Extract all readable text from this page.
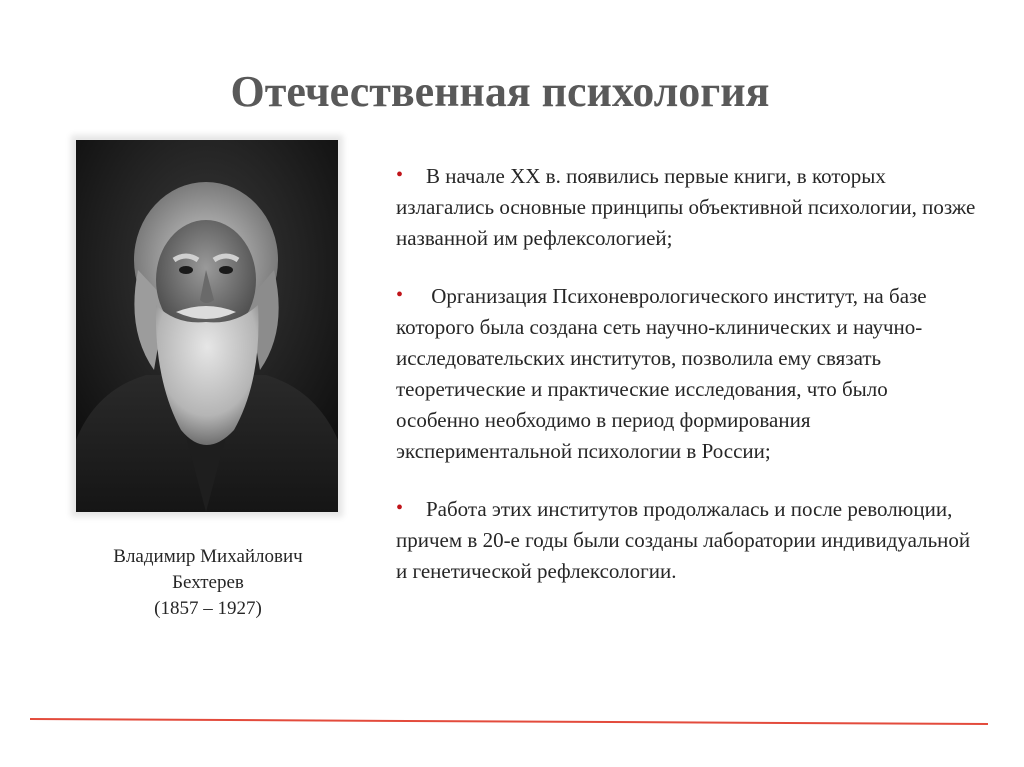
Отечественная психология
Владимир Михайлович
Бехтерев
(1857 – 1927)
• В начале XX в. появились первые книги, в которых излагались основные принципы объективной психологии, позже названной им рефлексологией;
• Организация Психоневрологического институт, на базе которого была создана сеть научно-клинических и научно-исследовательских институтов, позволила ему связать теоретические и практические исследования, что было особенно необходимо в период формирования экспериментальной психологии в России;
• Работа этих институтов продолжалась и после революции, причем в 20-е годы были созданы лаборатории индивидуальной и генетической рефлексологии.
